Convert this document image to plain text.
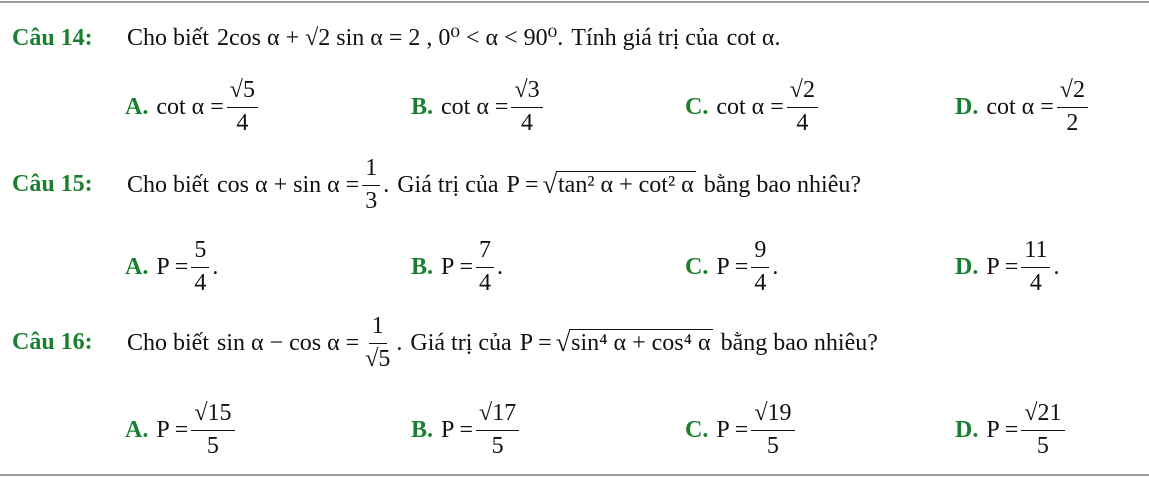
Câu 14: Cho biết 2cos α + √2 sin α = 2 , 0⁰ < α < 90⁰. Tính giá trị của cot α.
A. $\cot \alpha = \frac{√5}{4}$	B. $\cot \alpha = \frac{√3}{4}$	C. $\cot \alpha = \frac{√2}{4}$	D. $\cot \alpha = \frac{√2}{2}$
Câu 15: Cho biết $\cos \alpha + \sin \alpha = \frac{1}{3}$ . Giá trị của P = √ tan² α + cot² α bằng bao nhiêu?
A. $P = \frac{5}{4}$ .	B. $P = \frac{7}{4}$ .	C. $P = \frac{9}{4}$ .	D. $P = \frac{11}{4}$ .
Câu 16: Cho biết $\sin \alpha - \cos \alpha = \frac{1}{√5}$ . Giá trị của P = √ sin⁴ α + cos⁴ α bằng bao nhiêu?
A. $P = \frac{√15}{5}$	B. $P = \frac{√17}{5}$	C. $P = \frac{√19}{5}$	D. $P = \frac{√21}{5}$
